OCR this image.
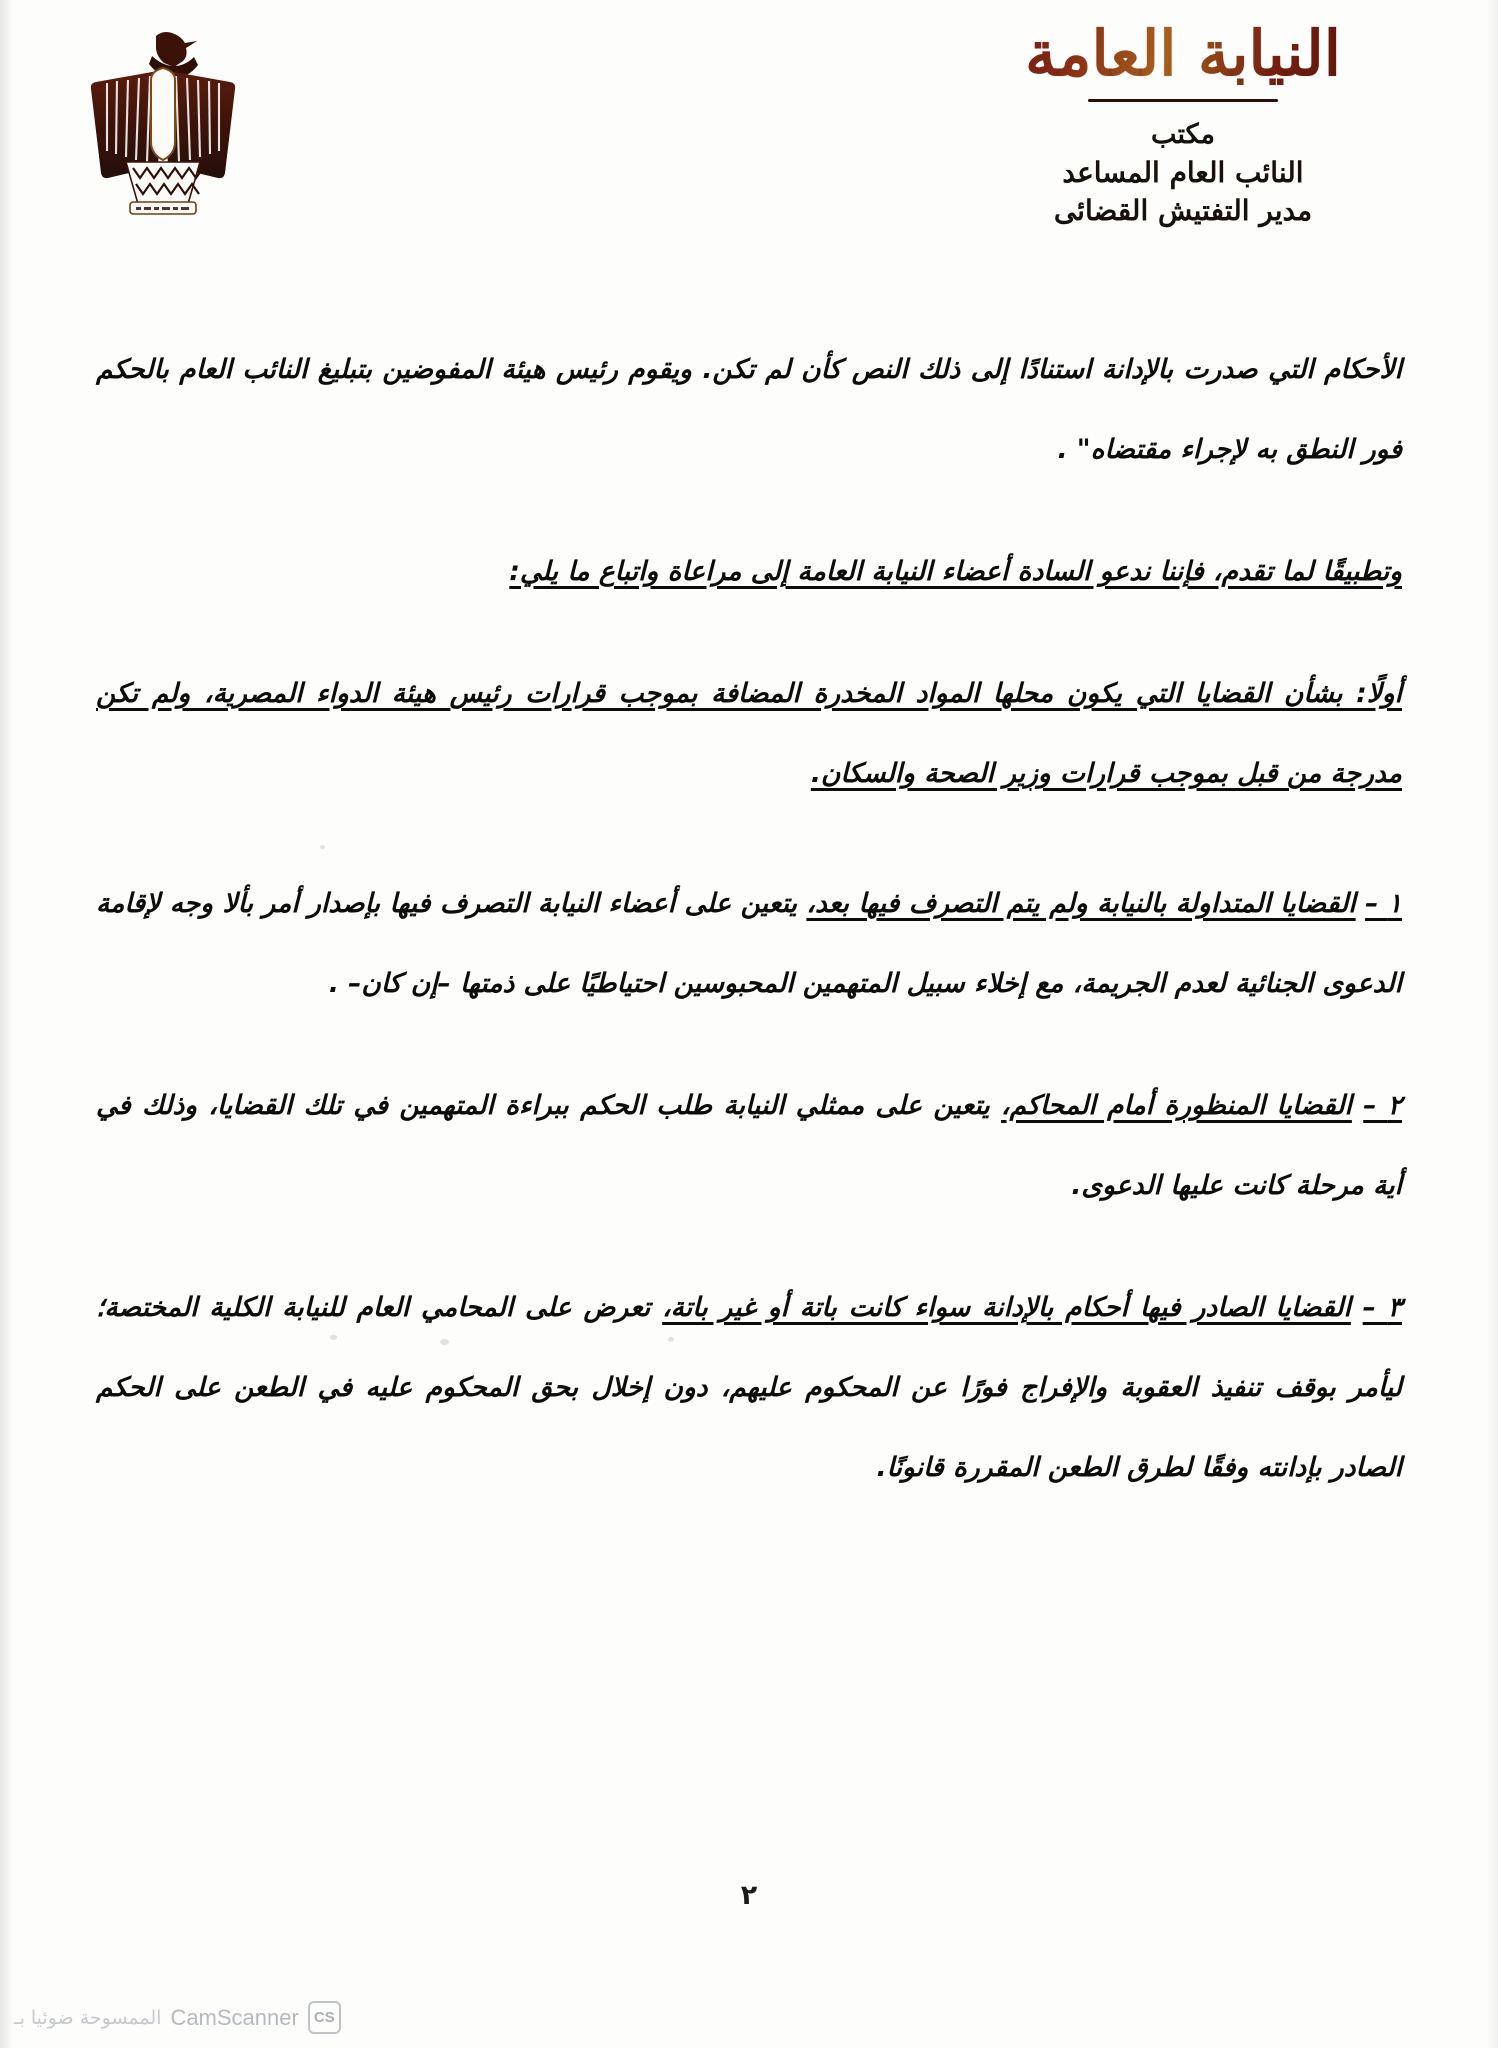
النيابة العامة
مكتب
النائب العام المساعد
مدير التفتيش القضائى

الأحكام التي صدرت بالإدانة استنادًا إلى ذلك النص كأن لم تكن. ويقوم رئيس هيئة المفوضين بتبليغ النائب العام بالحكم فور النطق به لإجراء مقتضاه" .

وتطبيقًا لما تقدم، فإننا ندعو السادة أعضاء النيابة العامة إلى مراعاة واتباع ما يلي:

أولًا: بشأن القضايا التي يكون محلها المواد المخدرة المضافة بموجب قرارات رئيس هيئة الدواء المصرية، ولم تكن مدرجة من قبل بموجب قرارات وزير الصحة والسكان.

١ – القضايا المتداولة بالنيابة ولم يتم التصرف فيها بعد، يتعين على أعضاء النيابة التصرف فيها بإصدار أمر بألا وجه لإقامة الدعوى الجنائية لعدم الجريمة، مع إخلاء سبيل المتهمين المحبوسين احتياطيًا على ذمتها –إن كان– .

٢ – القضايا المنظورة أمام المحاكم، يتعين على ممثلي النيابة طلب الحكم ببراءة المتهمين في تلك القضايا، وذلك في أية مرحلة كانت عليها الدعوى.

٣ – القضايا الصادر فيها أحكام بالإدانة سواء كانت باتة أو غير باتة، تعرض على المحامي العام للنيابة الكلية المختصة؛ ليأمر بوقف تنفيذ العقوبة والإفراج فورًا عن المحكوم عليهم، دون إخلال بحق المحكوم عليه في الطعن على الحكم الصادر بإدانته وفقًا لطرق الطعن المقررة قانونًا.

٢
CS
CamScanner
الممسوحة ضوئيا بـ
